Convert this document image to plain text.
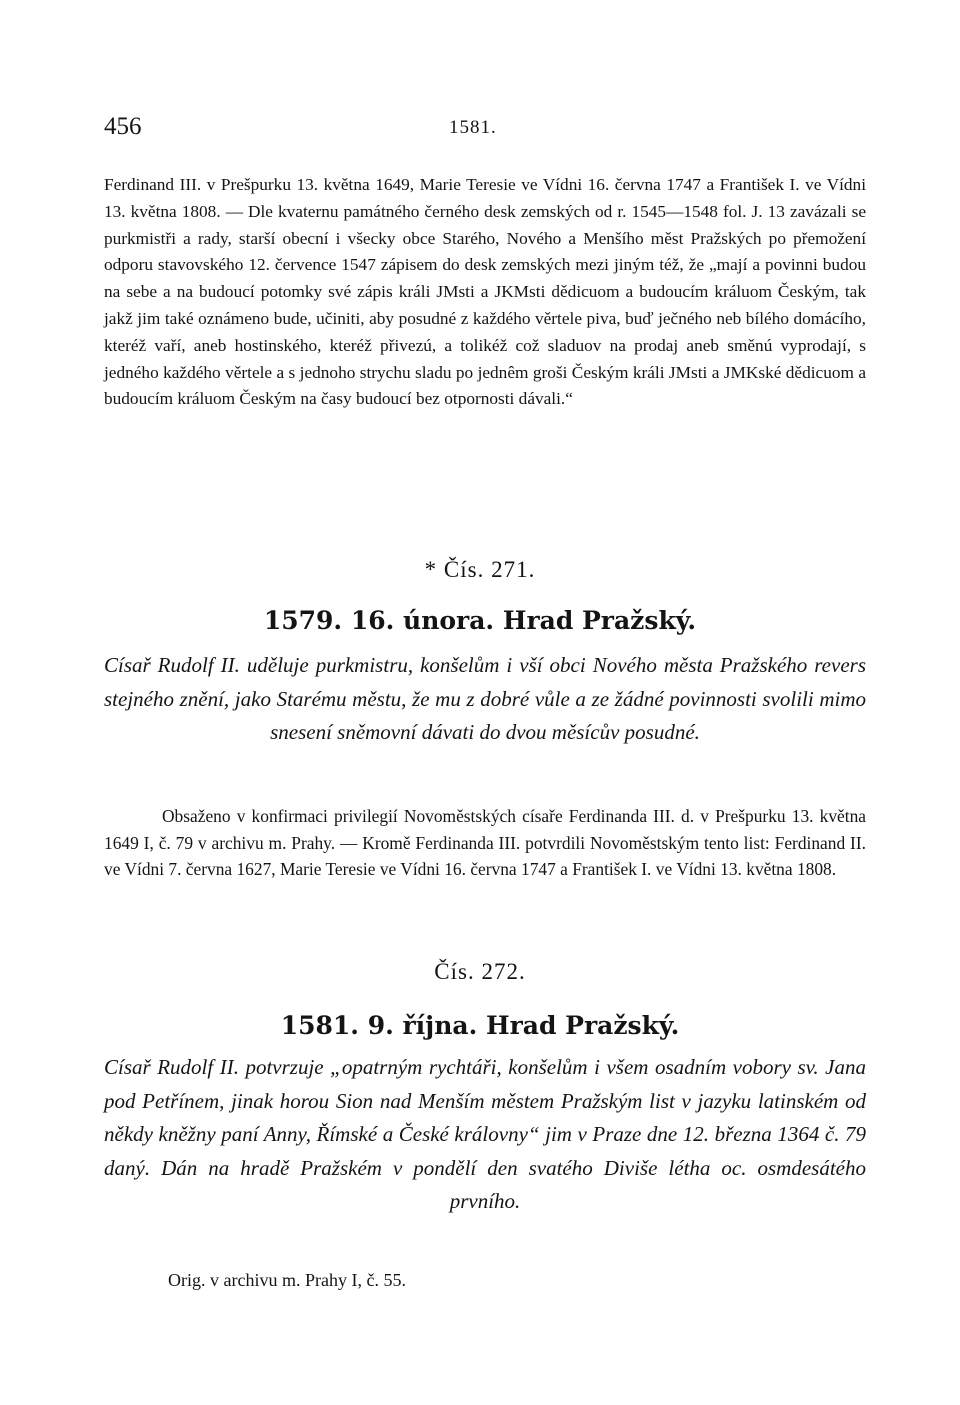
456	1581.

Ferdinand III. v Prešpurku 13. května 1649, Marie Teresie ve Vídni 16. června 1747 a František I. ve Vídni 13. května 1808. — Dle kvaternu památného černého desk zemských od r. 1545—1548 fol. J. 13 zavázali se purkmistři a rady, starší obecní i všecky obce Starého, Nového a Menšího měst Pražských po přemožení odporu stavovského 12. července 1547 zápisem do desk zemských mezi jiným též, že „mají a povinni budou na sebe a na budoucí potomky své zápis králi JMsti a JKMsti dědicuom a budoucím králuom Českým, tak jakž jim také oznámeno bude, učiniti, aby posudné z každého věrtele piva, buď ječného neb bílého domácího, kteréž vaří, aneb hostinského, kteréž přivezú, a tolikéž což sladuov na prodaj aneb směnú vyprodají, s jedného každého věrtele a s jednoho strychu sladu po jednêm groši Českým králi JMsti a JMKské dědicuom a budoucím králuom Českým na časy budoucí bez otpornosti dávali.“

* Čís. 271.
1579. 16. února. Hrad Pražský.

Císař Rudolf II. uděluje purkmistru, konšelům i vší obci Nového města Pražského revers stejného znění, jako Starému městu, že mu z dobré vůle a ze žádné povinnosti svolili mimo snesení sněmovní dávati do dvou měsícův posudné.

Obsaženo v konfirmaci privilegií Novoměstských císaře Ferdinanda III. d. v Prešpurku 13. května 1649 I, č. 79 v archivu m. Prahy. — Kromě Ferdinanda III. potvrdili Novoměstským tento list: Ferdinand II. ve Vídni 7. června 1627, Marie Teresie ve Vídni 16. června 1747 a František I. ve Vídni 13. května 1808.

Čís. 272.
1581. 9. října. Hrad Pražský.

Císař Rudolf II. potvrzuje „opatrným rychtáři, konšelům i všem osadním vobory sv. Jana pod Petřínem, jinak horou Sion nad Menším městem Pražským list v jazyku latinském od někdy kněžny paní Anny, Římské a České královny“ jim v Praze dne 12. března 1364 č. 79 daný. Dán na hradě Pražském v pondělí den svatého Diviše létha oc. osmdesátého prvního.

Orig. v archivu m. Prahy I, č. 55.
